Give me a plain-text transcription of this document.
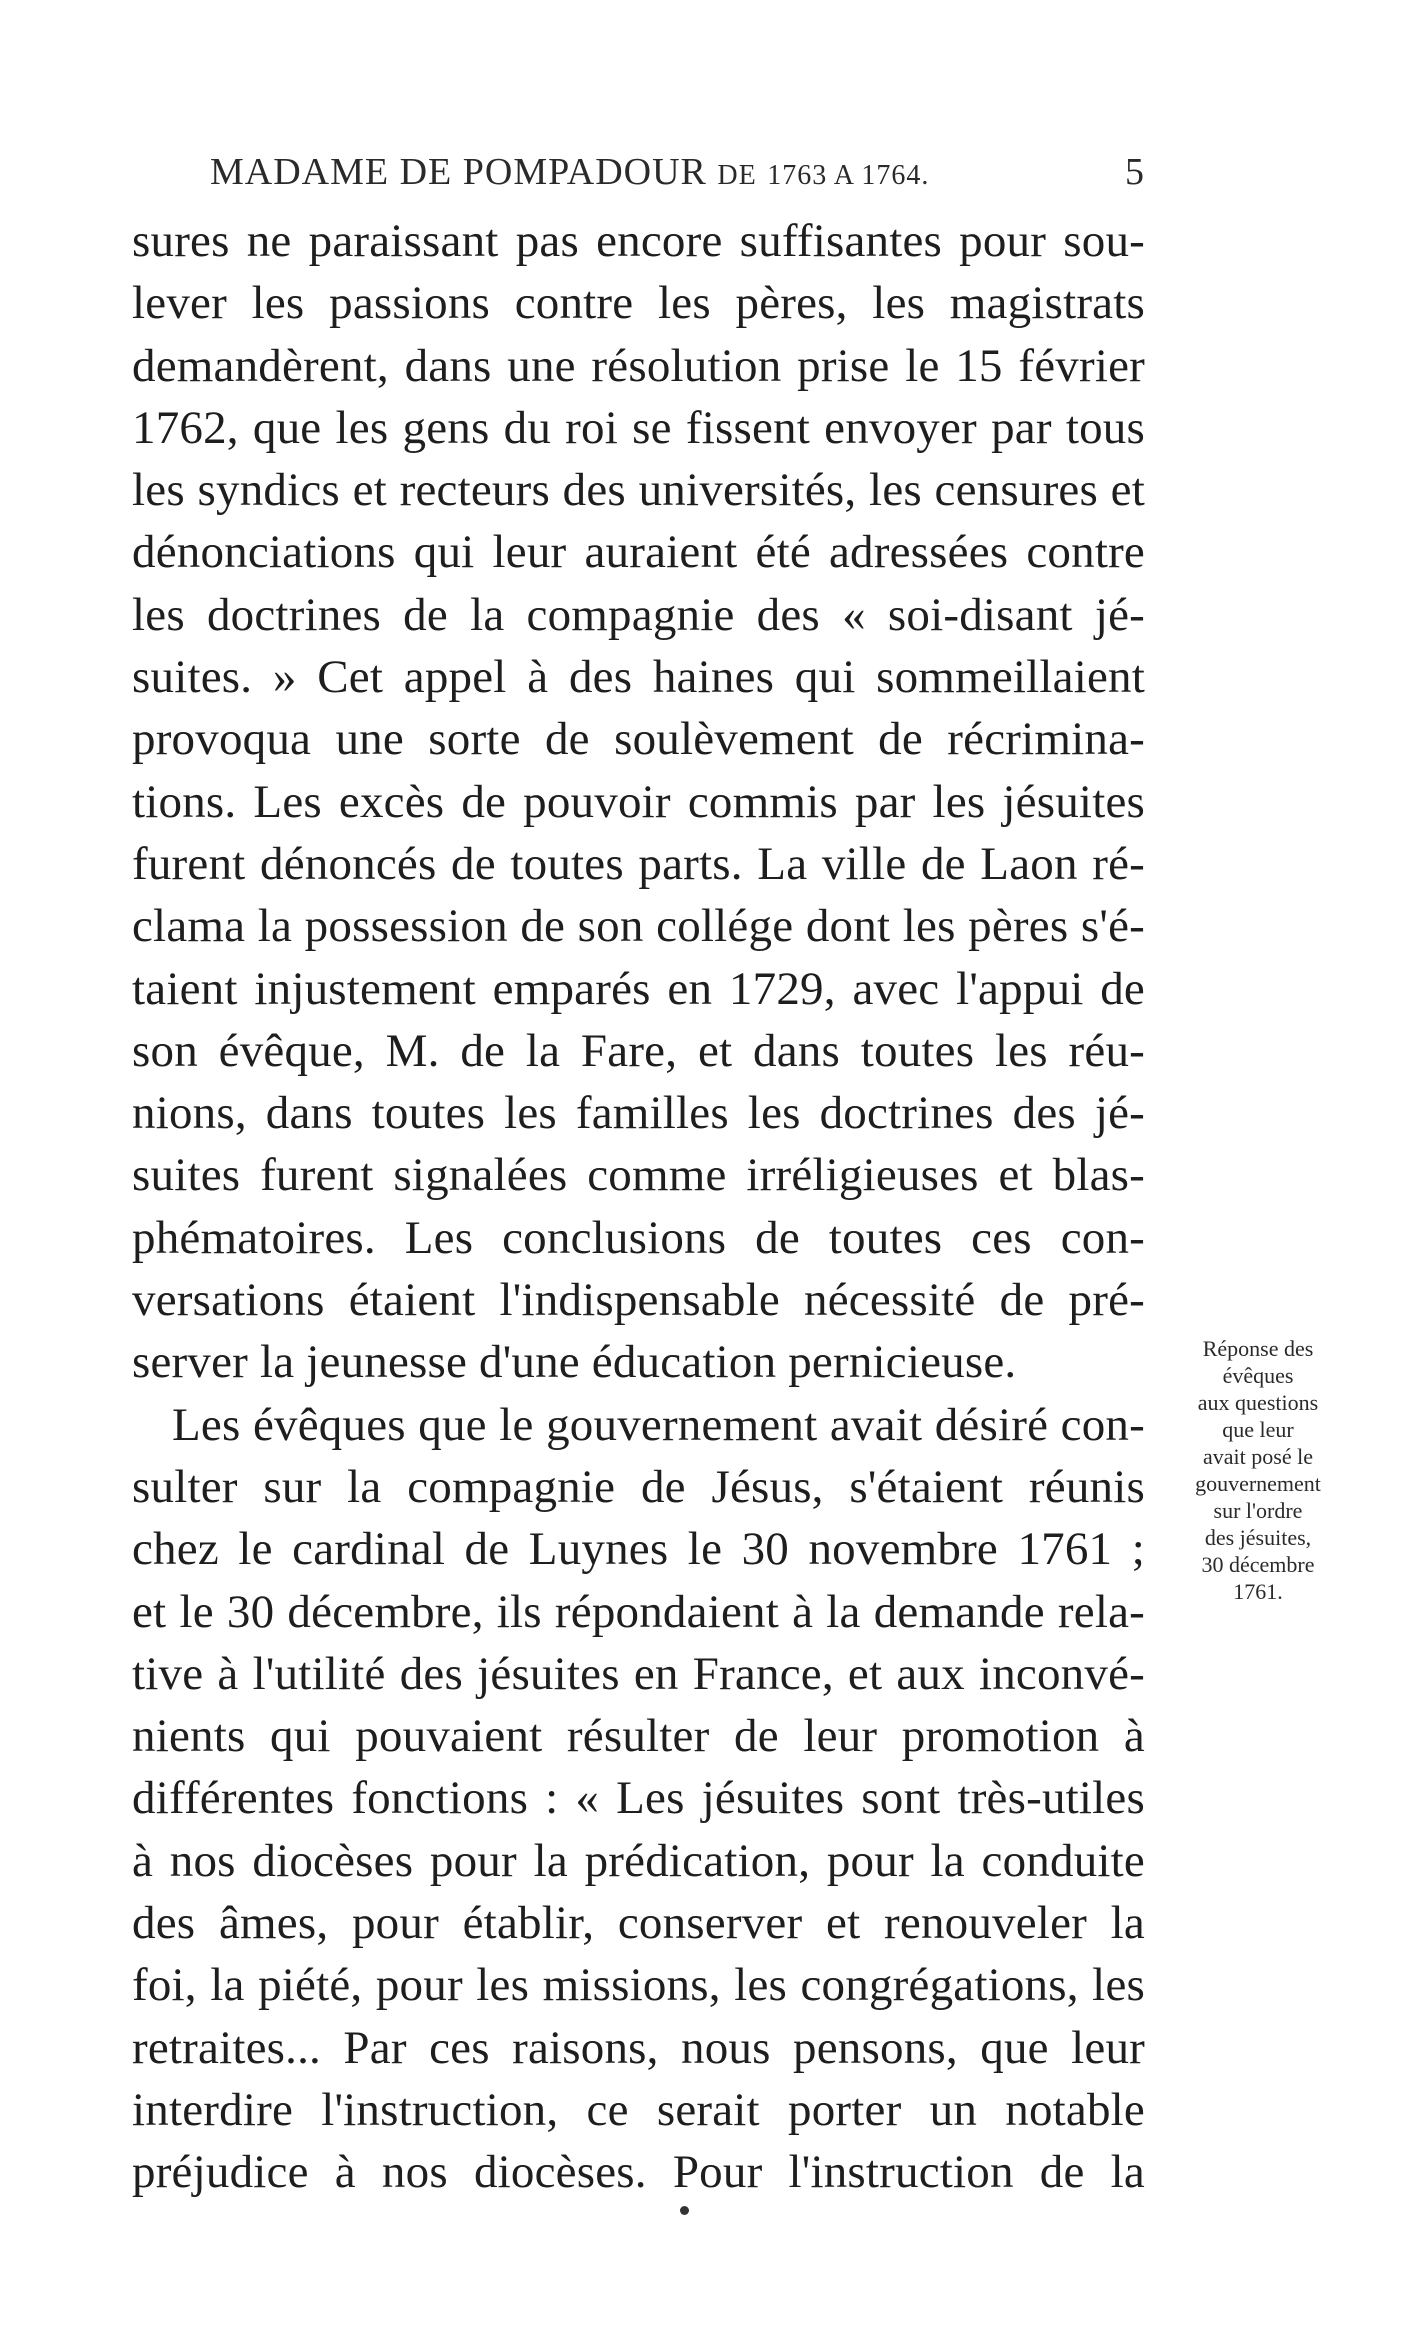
MADAME DE POMPADOUR DE 1763 A 1764.	5

sures ne paraissant pas encore suffisantes pour sou-
lever les passions contre les pères, les magistrats
demandèrent, dans une résolution prise le 15 février
1762, que les gens du roi se fissent envoyer par tous
les syndics et recteurs des universités, les censures et
dénonciations qui leur auraient été adressées contre
les doctrines de la compagnie des « soi-disant jé-
suites. » Cet appel à des haines qui sommeillaient
provoqua une sorte de soulèvement de récrimina-
tions. Les excès de pouvoir commis par les jésuites
furent dénoncés de toutes parts. La ville de Laon ré-
clama la possession de son collége dont les pères s'é-
taient injustement emparés en 1729, avec l'appui de
son évêque, M. de la Fare, et dans toutes les réu-
nions, dans toutes les familles les doctrines des jé-
suites furent signalées comme irréligieuses et blas-
phématoires. Les conclusions de toutes ces con-
versations étaient l'indispensable nécessité de pré-
server la jeunesse d'une éducation pernicieuse.

Les évêques que le gouvernement avait désiré con-
sulter sur la compagnie de Jésus, s'étaient réunis
chez le cardinal de Luynes le 30 novembre 1761 ;
et le 30 décembre, ils répondaient à la demande rela-
tive à l'utilité des jésuites en France, et aux inconvé-
nients qui pouvaient résulter de leur promotion à
différentes fonctions : « Les jésuites sont très-utiles
à nos diocèses pour la prédication, pour la conduite
des âmes, pour établir, conserver et renouveler la
foi, la piété, pour les missions, les congrégations, les
retraites... Par ces raisons, nous pensons, que leur
interdire l'instruction, ce serait porter un notable
préjudice à nos diocèses. Pour l'instruction de la

Réponse des
évêques
aux questions
que leur
avait posé le
gouvernement
sur l'ordre
des jésuites,
30 décembre
1761.
